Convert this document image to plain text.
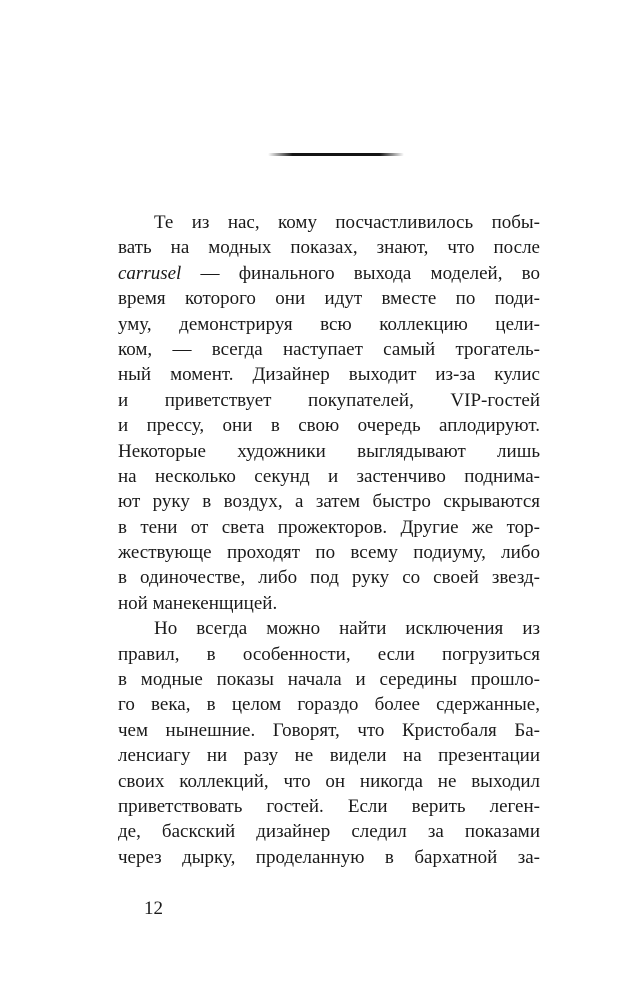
Те из нас, кому посчастливилось побы-
вать на модных показах, знают, что после
carrusel — финального выхода моделей, во
время которого они идут вместе по поди-
уму, демонстрируя всю коллекцию цели-
ком, — всегда наступает самый трогатель-
ный момент. Дизайнер выходит из-за кулис
и приветствует покупателей, VIP-гостей
и прессу, они в свою очередь аплодируют.
Некоторые художники выглядывают лишь
на несколько секунд и застенчиво поднима-
ют руку в воздух, а затем быстро скрываются
в тени от света прожекторов. Другие же тор-
жествующе проходят по всему подиуму, либо
в одиночестве, либо под руку со своей звезд-
ной манекенщицей.
Но всегда можно найти исключения из
правил, в особенности, если погрузиться
в модные показы начала и середины прошло-
го века, в целом гораздо более сдержанные,
чем нынешние. Говорят, что Кристобаля Ба-
ленсиагу ни разу не видели на презентации
своих коллекций, что он никогда не выходил
приветствовать гостей. Если верить леген-
де, баскский дизайнер следил за показами
через дырку, проделанную в бархатной за-
12
